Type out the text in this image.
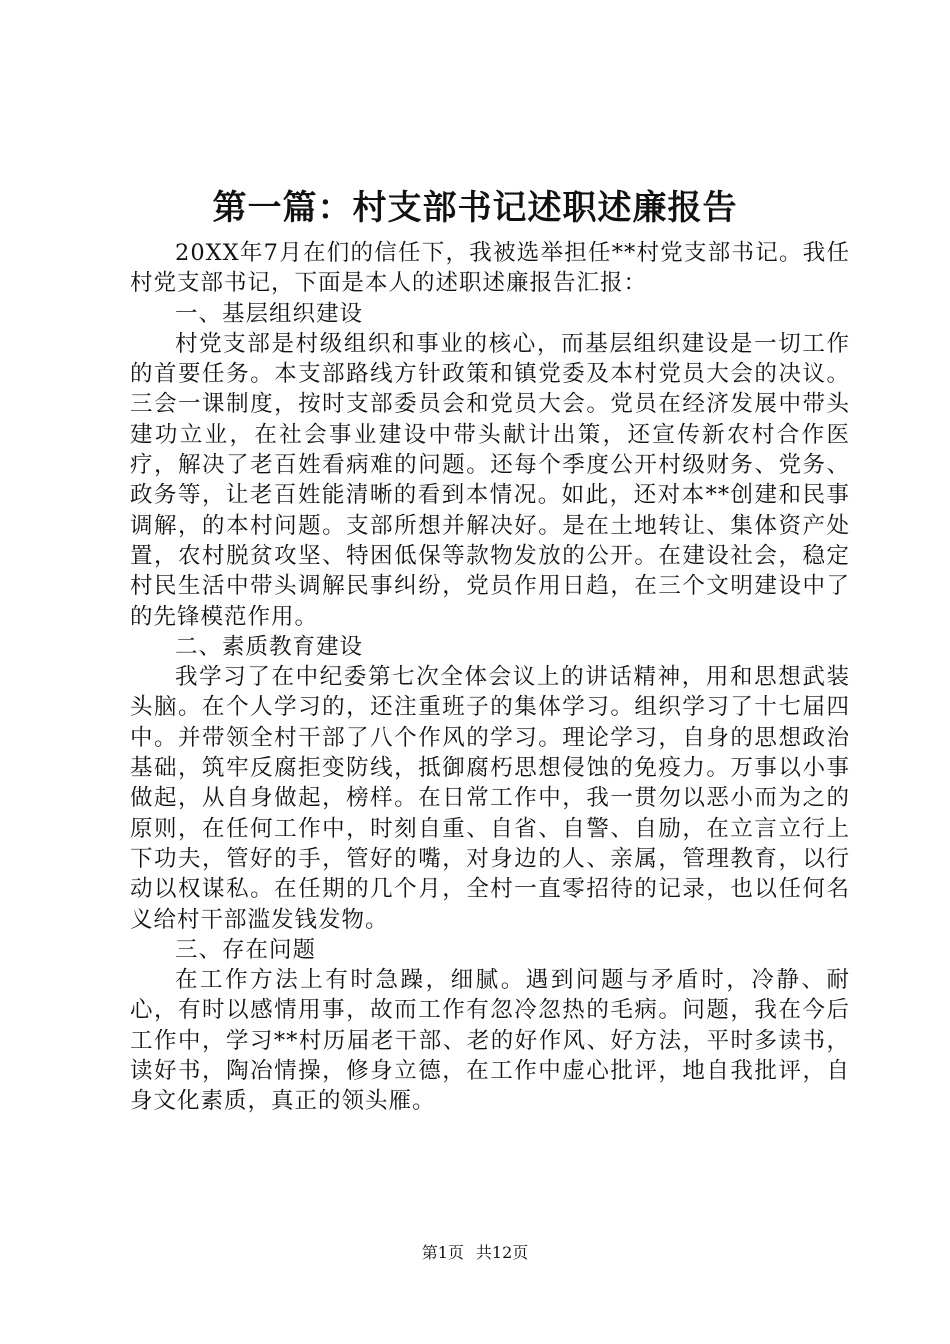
第一篇：村支部书记述职述廉报告

20XX年7月在们的信任下，我被选举担任**村党支部书记。我任村党支部书记，下面是本人的述职述廉报告汇报：

一、基层组织建设

村党支部是村级组织和事业的核心，而基层组织建设是一切工作的首要任务。本支部路线方针政策和镇党委及本村党员大会的决议。三会一课制度，按时支部委员会和党员大会。党员在经济发展中带头建功立业，在社会事业建设中带头献计出策，还宣传新农村合作医疗，解决了老百姓看病难的问题。还每个季度公开村级财务、党务、政务等，让老百姓能清晰的看到本情况。如此，还对本**创建和民事调解，的本村问题。支部所想并解决好。是在土地转让、集体资产处置，农村脱贫攻坚、特困低保等款物发放的公开。在建设社会，稳定村民生活中带头调解民事纠纷，党员作用日趋，在三个文明建设中了的先锋模范作用。

二、素质教育建设

我学习了在中纪委第七次全体会议上的讲话精神，用和思想武装头脑。在个人学习的，还注重班子的集体学习。组织学习了十七届四中。并带领全村干部了八个作风的学习。理论学习，自身的思想政治基础，筑牢反腐拒变防线，抵御腐朽思想侵蚀的免疫力。万事以小事做起，从自身做起，榜样。在日常工作中，我一贯勿以恶小而为之的原则，在任何工作中，时刻自重、自省、自警、自励，在立言立行上下功夫，管好的手，管好的嘴，对身边的人、亲属，管理教育，以行动以权谋私。在任期的几个月，全村一直零招待的记录，也以任何名义给村干部滥发钱发物。

三、存在问题

在工作方法上有时急躁，细腻。遇到问题与矛盾时，冷静、耐心，有时以感情用事，故而工作有忽冷忽热的毛病。问题，我在今后工作中，学习**村历届老干部、老的好作风、好方法，平时多读书，读好书，陶冶情操，修身立德，在工作中虚心批评，地自我批评，自身文化素质，真正的领头雁。

第1页 共12页
